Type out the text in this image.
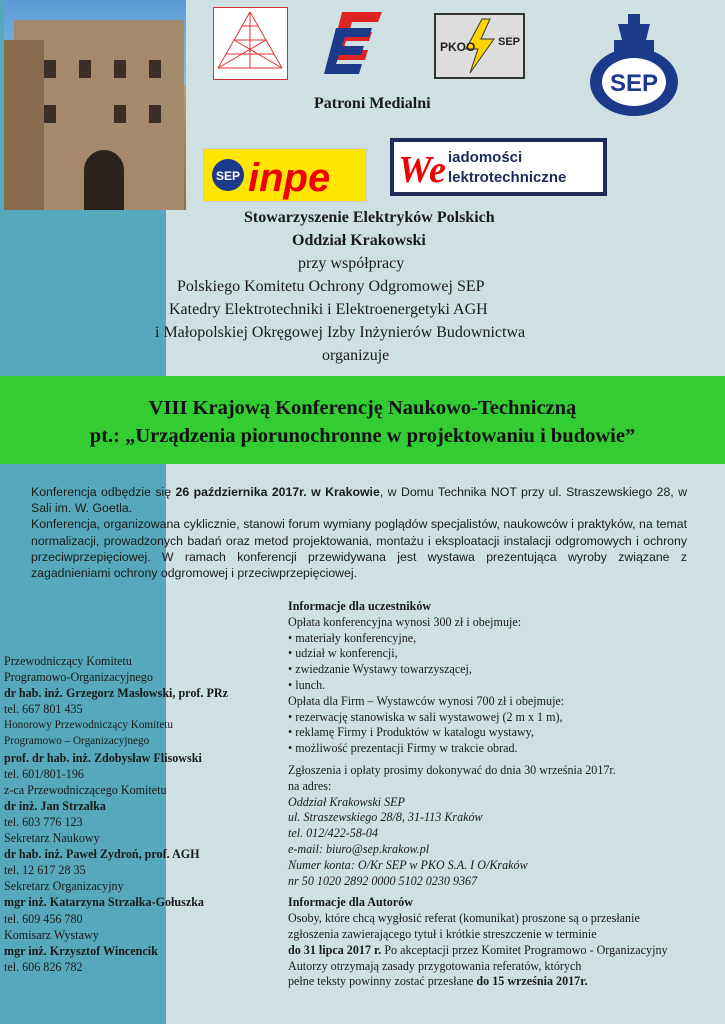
PKOO SEP
SEP
Patroni Medialni
SEP inpe We iadomości
lektrotechniczne
Stowarzyszenie Elektryków Polskich
Oddział Krakowski
przy współpracy
Polskiego Komitetu Ochrony Odgromowej SEP
Katedry Elektrotechniki i Elektroenergetyki AGH
i Małopolskiej Okręgowej Izby Inżynierów Budownictwa
organizuje
VIII Krajową Konferencję Naukowo-Techniczną
pt.: „Urządzenia piorunochronne w projektowaniu i budowie”

Konferencja odbędzie się 26 października 2017r. w Krakowie, w Domu Technika NOT przy ul. Straszewskiego 28, w Sali im. W. Goetla.

Konferencja, organizowana cyklicznie, stanowi forum wymiany poglądów specjalistów, naukowców i praktyków, na temat normalizacji, prowadzonych badań oraz metod projektowania, montażu i eksploatacji instalacji odgromowych i ochrony przeciwprzepięciowej. W ramach konferencji przewidywana jest wystawa prezentująca wyroby związane z zagadnieniami ochrony odgromowej i przeciwprzepięciowej.

Przewodniczący Komitetu
Programowo-Organizacyjnego
dr hab. inż. Grzegorz Masłowski, prof. PRz
tel. 667 801 435
Honorowy Przewodniczący Komitetu
Programowo – Organizacyjnego
prof. dr hab. inż. Zdobysław Flisowski
tel. 601/801-196
z-ca Przewodniczącego Komitetu
dr inż. Jan Strzałka
tel. 603 776 123
Sekretarz Naukowy
dr hab. inż. Paweł Zydroń, prof. AGH
tel. 12 617 28 35
Sekretarz Organizacyjny
mgr inż. Katarzyna Strzałka-Gołuszka
tel. 609 456 780
Komisarz Wystawy
mgr inż. Krzysztof Wincencik
tel. 606 826 782
Informacje dla uczestników
Opłata konferencyjna wynosi 300 zł i obejmuje:
• materiały konferencyjne,
• udział w konferencji,
• zwiedzanie Wystawy towarzyszącej,
• lunch.
Opłata dla Firm – Wystawców wynosi 700 zł i obejmuje:
• rezerwację stanowiska w sali wystawowej (2 m x 1 m),
• reklamę Firmy i Produktów w katalogu wystawy,
• możliwość prezentacji Firmy w trakcie obrad.
Zgłoszenia i opłaty prosimy dokonywać do dnia 30 września 2017r.
na adres:
Oddział Krakowski SEP
ul. Straszewskiego 28/8, 31-113 Kraków
tel. 012/422-58-04
e-mail: biuro@sep.krakow.pl
Numer konta: O/Kr SEP w PKO S.A. I O/Kraków
nr 50 1020 2892 0000 5102 0230 9367
Informacje dla Autorów
Osoby, które chcą wygłosić referat (komunikat) proszone są o przesłanie
zgłoszenia zawierającego tytuł i krótkie streszczenie w terminie
do 31 lipca 2017 r. Po akceptacji przez Komitet Programowo - Organizacyjny
Autorzy otrzymają zasady przygotowania referatów, których
pełne teksty powinny zostać przesłane do 15 września 2017r.
